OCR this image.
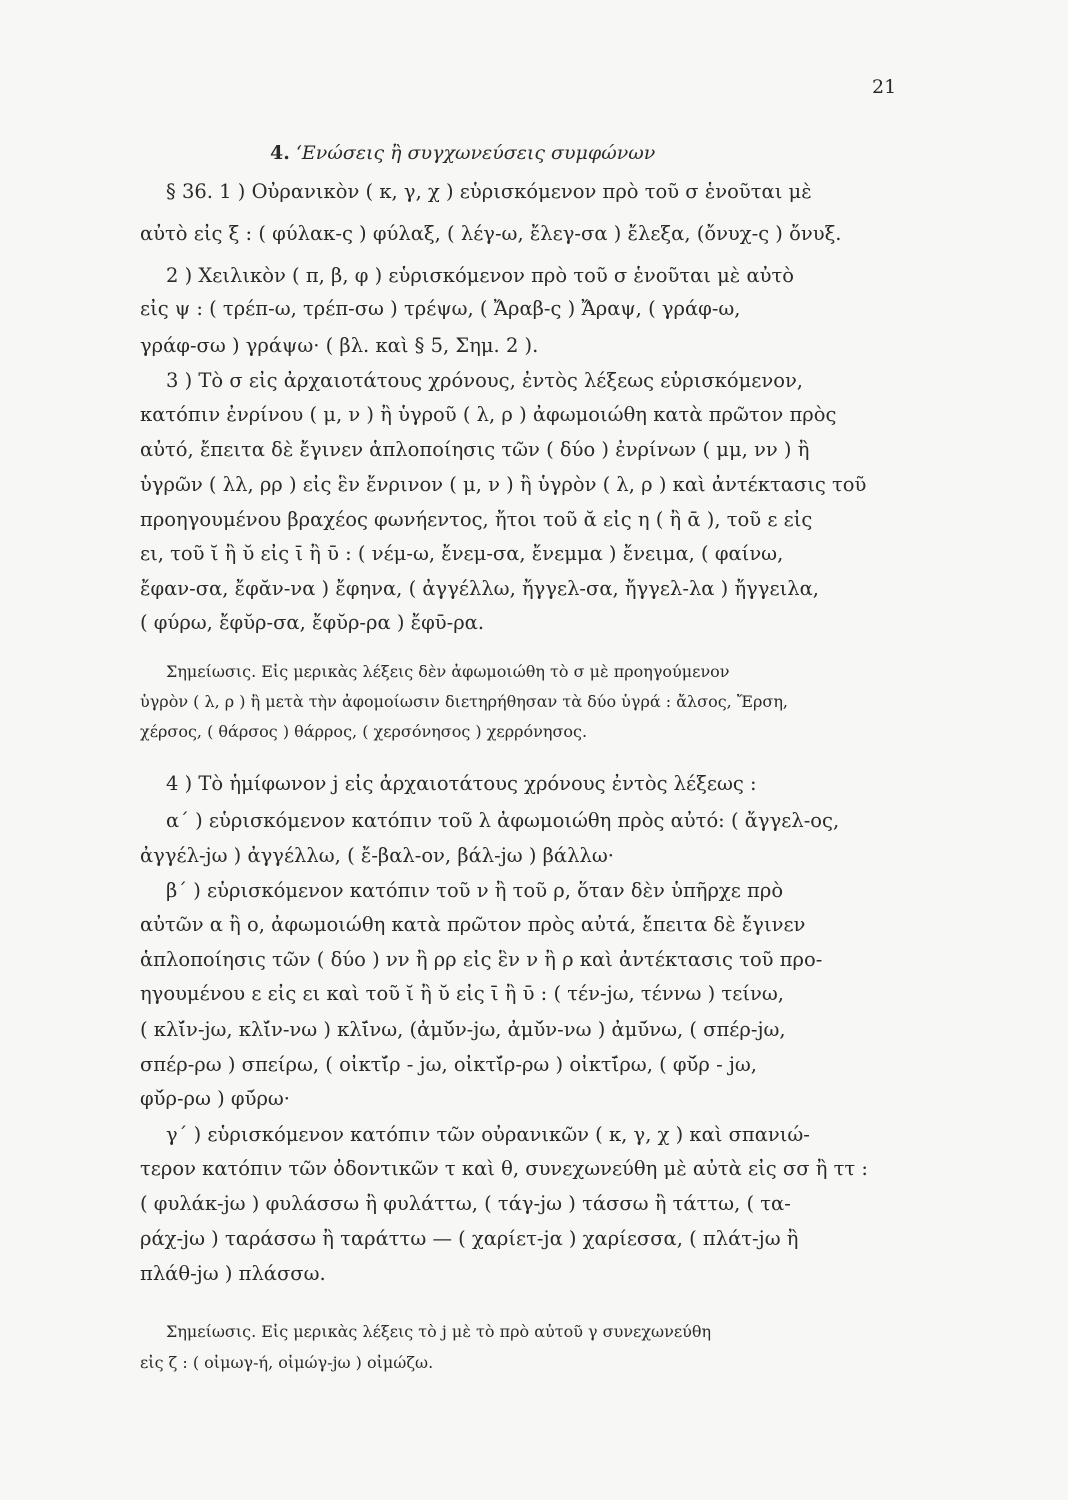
21
4. ‘Ενώσεις ἢ συγχωνεύσεις συμφώνων
§ 36. 1 ) Οὐρανικὸν ( κ, γ, χ ) εὑρισκόμενον πρὸ τοῦ σ ἑνοῦται μὲ
αὐτὸ εἰς ξ : ( φύλακ-ς ) φύλαξ, ( λέγ-ω, ἔλεγ-σα ) ἔλεξα, (ὄνυχ-ς ) ὄνυξ.
2 ) Χειλικὸν ( π, β, φ ) εὑρισκόμενον πρὸ τοῦ σ ἑνοῦται μὲ αὐτὸ
εἰς ψ : ( τρέπ-ω, τρέπ-σω ) τρέψω, ( Ἄραβ-ς ) Ἄραψ, ( γράφ-ω,
γράφ-σω ) γράψω· ( βλ. καὶ § 5, Σημ. 2 ).
3 ) Τὸ σ εἰς ἀρχαιοτάτους χρόνους, ἐντὸς λέξεως εὑρισκόμενον,
κατόπιν ἐνρίνου ( μ, ν ) ἢ ὑγροῦ ( λ, ρ ) ἀφωμοιώθη κατὰ πρῶτον πρὸς
αὐτό, ἔπειτα δὲ ἔγινεν ἁπλοποίησις τῶν ( δύο ) ἐνρίνων ( μμ, νν ) ἢ
ὑγρῶν ( λλ, ρρ ) εἰς ἓν ἔνρινον ( μ, ν ) ἢ ὑγρὸν ( λ, ρ ) καὶ ἀντέκτασις τοῦ
προηγουμένου βραχέος φωνήεντος, ἤτοι τοῦ ᾰ εἰς η ( ἢ ᾱ ), τοῦ ε εἰς
ει, τοῦ ῐ ἢ ῠ εἰς ῑ ἢ ῡ : ( νέμ-ω, ἔνεμ-σα, ἔνεμμα ) ἔνειμα, ( φαίνω,
ἔφαν-σα, ἔφᾰν-να ) ἔφηνα, ( ἀγγέλλω, ἤγγελ-σα, ἤγγελ-λα ) ἤγγειλα,
( φύρω, ἔφῠρ-σα, ἔφῠρ-ρα ) ἔφῡ-ρα.
Σημείωσις. Εἰς μερικὰς λέξεις δὲν ἀφωμοιώθη τὸ σ μὲ προηγούμενον
ὑγρὸν ( λ, ρ ) ἢ μετὰ τὴν ἀφομοίωσιν διετηρήθησαν τὰ δύο ὑγρά : ἄλσος, Ἔρση,
χέρσος, ( θάρσος ) θάρρος, ( χερσόνησος ) χερρόνησος.
4 ) Τὸ ἡμίφωνον j εἰς ἀρχαιοτάτους χρόνους ἐντὸς λέξεως :
α΄ ) εὑρισκόμενον κατόπιν τοῦ λ ἀφωμοιώθη πρὸς αὐτό: ( ἄγγελ-ος,
ἀγγέλ-jω ) ἀγγέλλω, ( ἔ-βαλ-ον, βάλ-jω ) βάλλω·
β΄ ) εὑρισκόμενον κατόπιν τοῦ ν ἢ τοῦ ρ, ὅταν δὲν ὑπῆρχε πρὸ
αὐτῶν α ἢ ο, ἀφωμοιώθη κατὰ πρῶτον πρὸς αὐτά, ἔπειτα δὲ ἔγινεν
ἁπλοποίησις τῶν ( δύο ) νν ἢ ρρ εἰς ἓν ν ἢ ρ καὶ ἀντέκτασις τοῦ προ-
ηγουμένου ε εἰς ει καὶ τοῦ ῐ ἢ ῠ εἰς ῑ ἢ ῡ : ( τέν-jω, τέννω ) τείνω,
( κλῐ́ν-jω, κλῐ́ν-νω ) κλῑ́νω, (ἀμῠ́ν-jω, ἀμῠ́ν-νω ) ἀμῡ́νω, ( σπέρ-jω,
σπέρ-ρω ) σπείρω, ( οἰκτῐ́ρ - jω, οἰκτῐ́ρ-ρω ) οἰκτῑ́ρω, ( φῠ́ρ - jω,
φῠ́ρ-ρω ) φῡ́ρω·
γ΄ ) εὑρισκόμενον κατόπιν τῶν οὐρανικῶν ( κ, γ, χ ) καὶ σπανιώ-
τερον κατόπιν τῶν ὀδοντικῶν τ καὶ θ, συνεχωνεύθη μὲ αὐτὰ εἰς σσ ἢ ττ :
( φυλάκ-jω ) φυλάσσω ἢ φυλάττω, ( τάγ-jω ) τάσσω ἢ τάττω, ( τα-
ράχ-jω ) ταράσσω ἢ ταράττω — ( χαρίετ-jα ) χαρίεσσα, ( πλάτ-jω ἢ
πλάθ-jω ) πλάσσω.
Σημείωσις. Εἰς μερικὰς λέξεις τὸ j μὲ τὸ πρὸ αὐτοῦ γ συνεχωνεύθη
εἰς ζ : ( οἰμωγ-ή, οἰμώγ-jω ) οἰμώζω.
